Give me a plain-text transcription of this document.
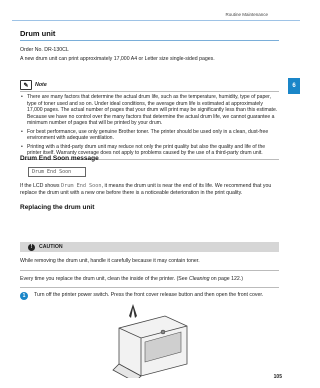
Routine Maintenance
6
Drum unit
Order No. DR-130CL
A new drum unit can print approximately 17,000 A4 or Letter size single-sided pages.
✎	Note
• There are many factors that determine the actual drum life, such as the temperature, humidity, type of paper, type of toner used and so on. Under ideal conditions, the average drum life is estimated at approximately 17,000 pages. The actual number of pages that your drum will print may be significantly less than this estimate. Because we have no control over the many factors that determine the actual drum life, we cannot guarantee a minimum number of pages that will be printed by your drum.
• For best performance, use only genuine Brother toner. The printer should be used only in a clean, dust-free environment with adequate ventilation.
• Printing with a third-party drum unit may reduce not only the print quality but also the quality and life of the printer itself. Warranty coverage does not apply to problems caused by the use of a third-party drum unit.
Drum End Soon message
Drum End Soon
If the LCD shows Drum End Soon, it means the drum unit is near the end of its life. We recommend that you replace the drum unit with a new one before there is a noticeable deterioration in the print quality.
Replacing the drum unit
!	CAUTION
While removing the drum unit, handle it carefully because it may contain toner.
Every time you replace the drum unit, clean the inside of the printer. (See Cleaning on page 122.)
1	Turn off the printer power switch. Press the front cover release button and then open the front cover.
105
